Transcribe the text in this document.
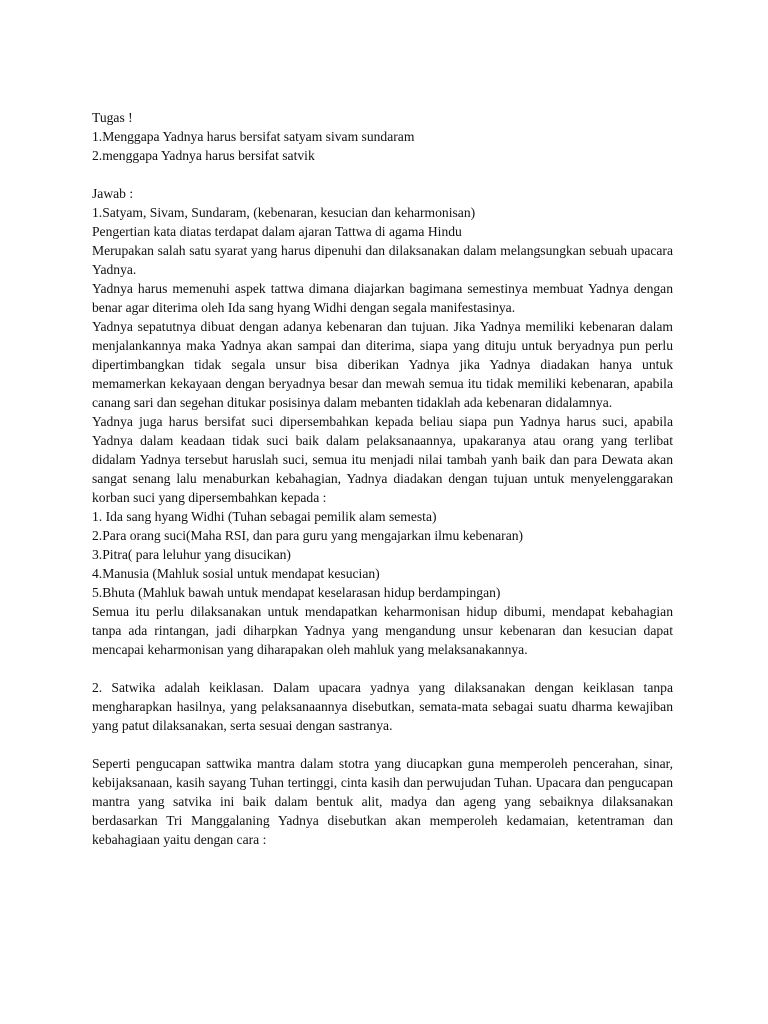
Tugas !
1.Menggapa Yadnya harus bersifat satyam sivam sundaram
2.menggapa Yadnya harus bersifat satvik
Jawab :
1.Satyam, Sivam, Sundaram, (kebenaran, kesucian dan keharmonisan)
Pengertian kata diatas terdapat dalam ajaran Tattwa di agama Hindu

Merupakan salah satu syarat yang harus dipenuhi dan dilaksanakan dalam melangsungkan sebuah upacara Yadnya.

Yadnya harus memenuhi aspek tattwa dimana diajarkan bagimana semestinya membuat Yadnya dengan benar agar diterima oleh Ida sang hyang Widhi dengan segala manifestasinya.

Yadnya sepatutnya dibuat dengan adanya kebenaran dan tujuan. Jika Yadnya memiliki kebenaran dalam menjalankannya maka Yadnya akan sampai dan diterima, siapa yang dituju untuk beryadnya pun perlu dipertimbangkan tidak segala unsur bisa diberikan Yadnya jika Yadnya diadakan hanya untuk memamerkan kekayaan dengan beryadnya besar dan mewah semua itu tidak memiliki kebenaran, apabila canang sari dan segehan ditukar posisinya dalam mebanten tidaklah ada kebenaran didalamnya.

Yadnya juga harus bersifat suci dipersembahkan kepada beliau siapa pun Yadnya harus suci, apabila Yadnya dalam keadaan tidak suci baik dalam pelaksanaannya, upakaranya atau orang yang terlibat didalam Yadnya tersebut haruslah suci, semua itu menjadi nilai tambah yanh baik dan para Dewata akan sangat senang lalu menaburkan kebahagian, Yadnya diadakan dengan tujuan untuk menyelenggarakan korban suci yang dipersembahkan kepada :

1. Ida sang hyang Widhi (Tuhan sebagai pemilik alam semesta)
2.Para orang suci(Maha RSI, dan para guru yang mengajarkan ilmu kebenaran)
3.Pitra( para leluhur yang disucikan)
4.Manusia (Mahluk sosial untuk mendapat kesucian)
5.Bhuta (Mahluk bawah untuk mendapat keselarasan hidup berdampingan)

Semua itu perlu dilaksanakan untuk mendapatkan keharmonisan hidup dibumi, mendapat kebahagian tanpa ada rintangan, jadi diharpkan Yadnya yang mengandung unsur kebenaran dan kesucian dapat mencapai keharmonisan yang diharapakan oleh mahluk yang melaksanakannya.

2. Satwika adalah keiklasan. Dalam upacara yadnya yang dilaksanakan dengan keiklasan tanpa mengharapkan hasilnya, yang pelaksanaannya disebutkan, semata-mata sebagai suatu dharma kewajiban yang patut dilaksanakan, serta sesuai dengan sastranya.

Seperti pengucapan sattwika mantra dalam stotra yang diucapkan guna memperoleh pencerahan, sinar, kebijaksanaan, kasih sayang Tuhan tertinggi, cinta kasih dan perwujudan Tuhan. Upacara dan pengucapan mantra yang satvika ini baik dalam bentuk alit, madya dan ageng yang sebaiknya dilaksanakan berdasarkan Tri Manggalaning Yadnya disebutkan akan memperoleh kedamaian, ketentraman dan kebahagiaan yaitu dengan cara :
